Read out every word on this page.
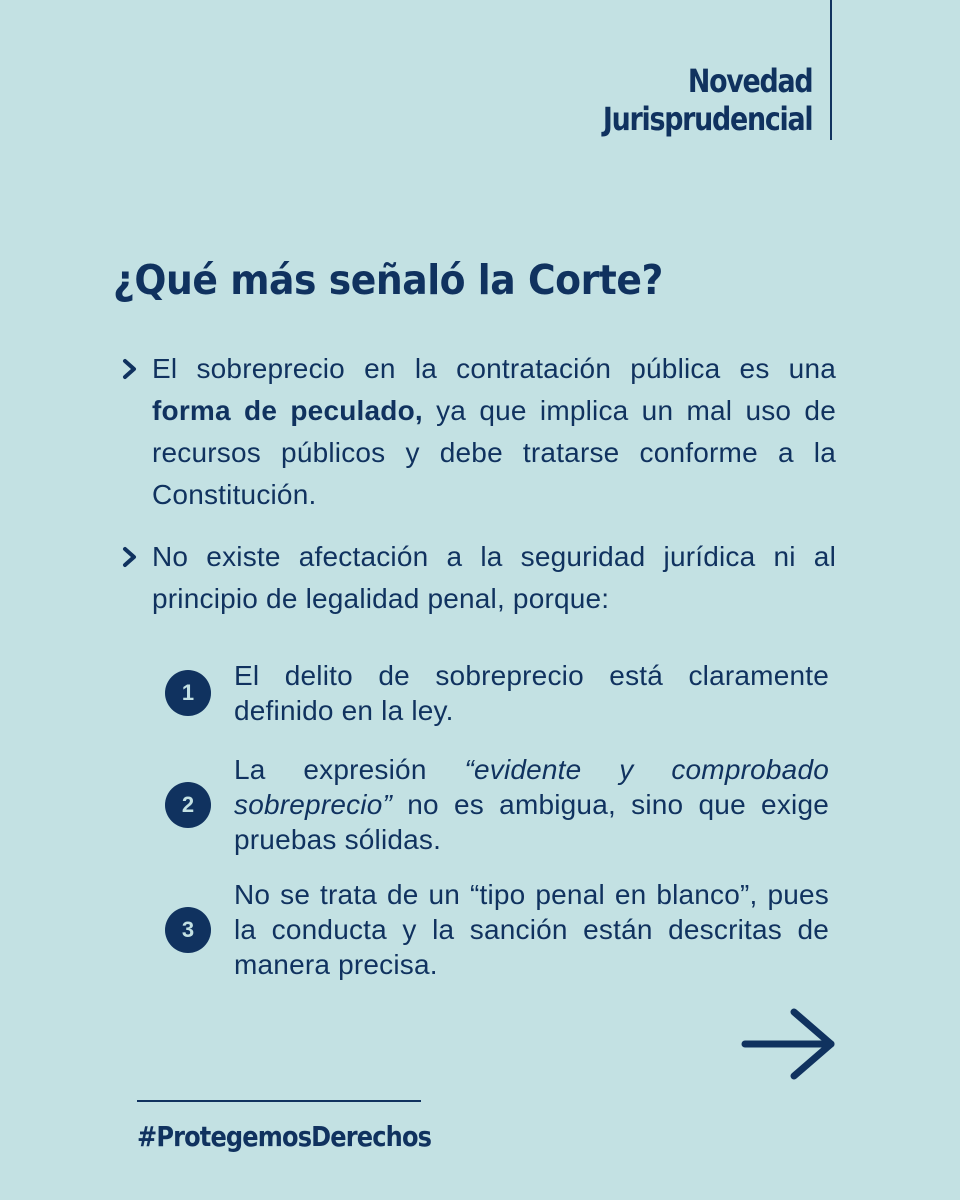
Novedad
Jurisprudencial
¿Qué más señaló la Corte?
El sobreprecio en la contratación pública es una forma de peculado, ya que implica un mal uso de recursos públicos y debe tratarse conforme a la Constitución.
No existe afectación a la seguridad jurídica ni al principio de legalidad penal, porque:
1
El delito de sobreprecio está claramente definido en la ley.
2
La expresión “evidente y comprobado sobreprecio” no es ambigua, sino que exige pruebas sólidas.
3
No se trata de un “tipo penal en blanco”, pues la conducta y la sanción están descritas de manera precisa.
#ProtegemosDerechos
